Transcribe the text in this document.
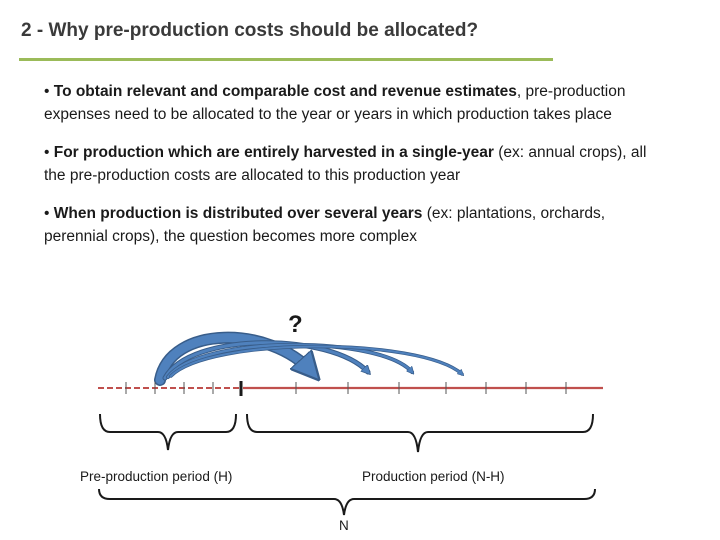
2 - Why pre-production costs should be allocated?

• To obtain relevant and comparable cost and revenue estimates, pre-production expenses need to be allocated to the year or years in which production takes place

• For production which are entirely harvested in a single-year (ex: annual crops), all the pre-production costs are allocated to this production year

• When production is distributed over several years (ex: plantations, orchards, perennial crops), the question becomes more complex

?
Pre-production period (H)	Production period (N-H)
N
